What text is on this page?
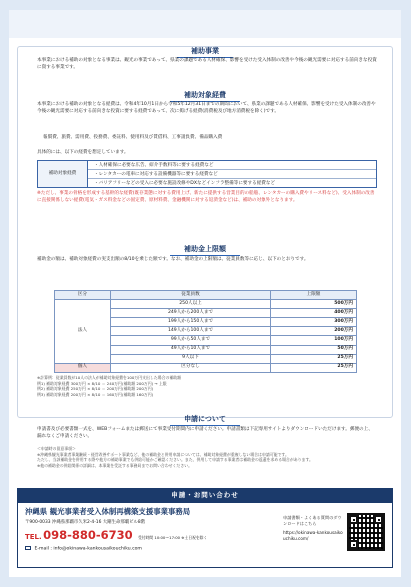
補助事業
本事業における補助の対象となる事業は、観光の事業であって、県業の課題である人材確保、影響を受けた受入体制の改善や今後の観光需要に対応する前向きな投資に資する事業です。
補助対象経費
本事業における補助の対象となる経費は、令和4年10月1日から令和5年12月31日までの期間において、県業の課題である人材確保、影響を受けた受入体制の改善や今後の観光需要に対応する前向きな投資に要する経費であって、次に掲げる経費(消費税及び地方消費税を除く)です。
報償費、旅費、需用費、役務費、委託料、使用料及び賃借料、工事請負費、備品購入費
具体的には、以下の経費を想定しています。
補助対象経費
・人材確保に必要な広告、紹介手数料等に要する経費など
・レンタカーの電車に対応する設備機器等に要する経費など
・バリアフリーなどの受入に必要な施設改修やDXなどインフラ整備等に要する経費など
※ただし、事業の骨格を形成する基幹的な経費(既存業態に対する費用上げ、新たに提供する営業目的の船舶、レンタカーの購入費やリース料など)、受入体制の改善に直接関係しない経費(電気・ガス料金などの固定費、原材料費、金融機関に対する返済金など)は、補助の対象外となります。
補助金上限額
補助金の額は、補助対象経費の実支出額の8/10を乗じた額です。なお、補助金の上限額は、従業員数等に応じ、以下のとおりです。
区分	従業員数	上限額
法人	250人以上	500万円
	249人から200人まで	400万円
	199人から150人まで	300万円
	149人から100人まで	200万円
	99人から50人まで	100万円
	49人から10人まで	50万円
	9人以下	25万円
個人	区分なし	25万円
※計算例：従業員数が10人の法人が補助対象経費を100万円支出した場合の補助額
例1) 補助対象経費 300万円 × 8/10 ＝ 240万円(補助額 200万円) → 上限
例2) 補助対象経費 250万円 × 8/10 ＝ 200万円(補助額 200万円)
例3) 補助対象経費 200万円 × 8/10 ＝ 160万円(補助額 160万円)
申請について
申請書及び必要書類一式を、WEBフォームまたは郵送にて事業受付期間内に申請ください。申請書類は下記専用サイトよりダウンロードいただけます。郵便の上、漏れなくご申請ください。
＜申請時の留意事項＞
※沖縄県観光事業者事業継続・経営改善サポート事業など、他の補助金と併用申請については、補助対象経費が重複しない場合は申請可能です。
ただし、当該補助金を併用する際や他方の補助事業でも併給可能かご確認ください。また、併用して申請する事業者は補助金の返還を求める場合があります。
※他の補助金の併給関係の詳細は、本事業を受託する事務局までお問い合わせください。
申請・お問い合わせ
沖縄県 観光事業者受入体制再構築支援事業事務局
〒900-0033 沖縄県那覇市久米2-4-16 大剛生命那覇ビル8階
TEL. 098-880-6730 受付時間 10:00〜17:00 ※土日祝を除く
E-mail : info@okinawa-kankousaikouchiku.com
申請書類・よくある質問のダウンロードはこちら
https://okinawa-kankousaikouchiku.com/
